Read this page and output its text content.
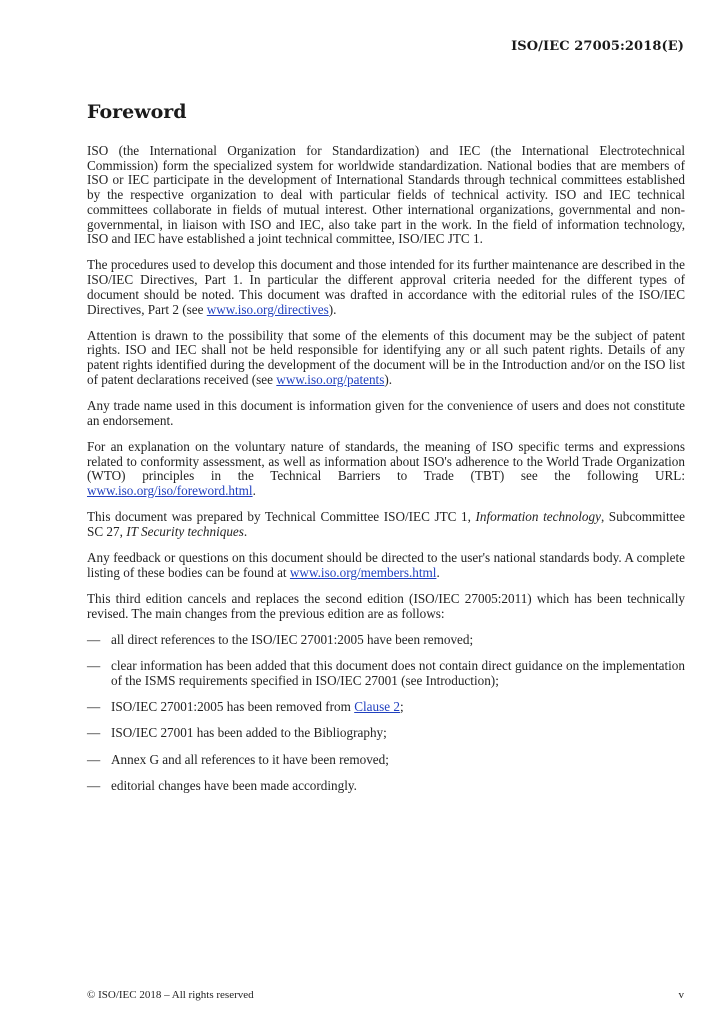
ISO/IEC 27005:2018(E)
Foreword

ISO (the International Organization for Standardization) and IEC (the International Electrotechnical Commission) form the specialized system for worldwide standardization. National bodies that are members of ISO or IEC participate in the development of International Standards through technical committees established by the respective organization to deal with particular fields of technical activity. ISO and IEC technical committees collaborate in fields of mutual interest. Other international organizations, governmental and non-governmental, in liaison with ISO and IEC, also take part in the work. In the field of information technology, ISO and IEC have established a joint technical committee, ISO/IEC JTC 1.

The procedures used to develop this document and those intended for its further maintenance are described in the ISO/IEC Directives, Part 1. In particular the different approval criteria needed for the different types of document should be noted. This document was drafted in accordance with the editorial rules of the ISO/IEC Directives, Part 2 (see www.iso.org/directives).

Attention is drawn to the possibility that some of the elements of this document may be the subject of patent rights. ISO and IEC shall not be held responsible for identifying any or all such patent rights. Details of any patent rights identified during the development of the document will be in the Introduction and/or on the ISO list of patent declarations received (see www.iso.org/patents).

Any trade name used in this document is information given for the convenience of users and does not constitute an endorsement.

For an explanation on the voluntary nature of standards, the meaning of ISO specific terms and expressions related to conformity assessment, as well as information about ISO's adherence to the World Trade Organization (WTO) principles in the Technical Barriers to Trade (TBT) see the following URL: www.iso.org/iso/foreword.html.

This document was prepared by Technical Committee ISO/IEC JTC 1, Information technology, Subcommittee SC 27, IT Security techniques.

Any feedback or questions on this document should be directed to the user's national standards body. A complete listing of these bodies can be found at www.iso.org/members.html.

This third edition cancels and replaces the second edition (ISO/IEC 27005:2011) which has been technically revised. The main changes from the previous edition are as follows:

— all direct references to the ISO/IEC 27001:2005 have been removed;
— clear information has been added that this document does not contain direct guidance on the implementation of the ISMS requirements specified in ISO/IEC 27001 (see Introduction);
— ISO/IEC 27001:2005 has been removed from Clause 2;
— ISO/IEC 27001 has been added to the Bibliography;
— Annex G and all references to it have been removed;
— editorial changes have been made accordingly.
© ISO/IEC 2018 – All rights reserved	v
